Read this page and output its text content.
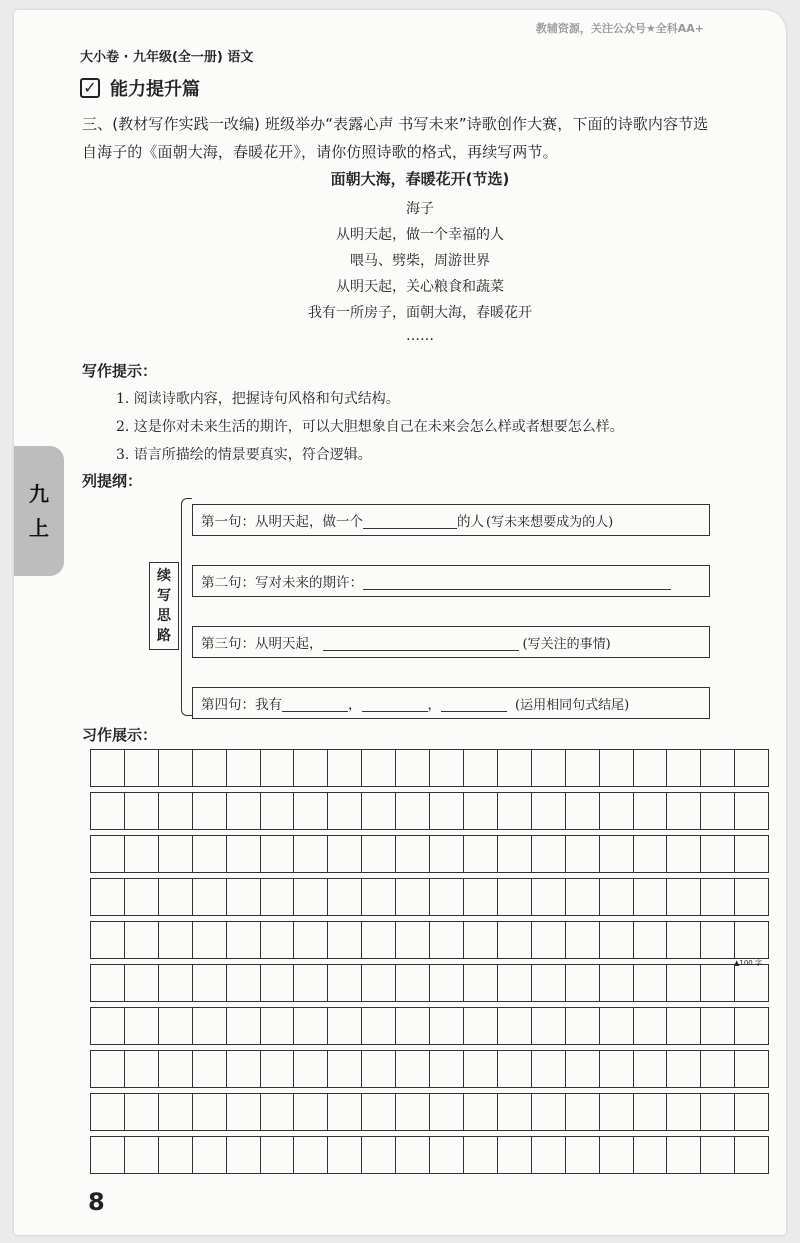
教辅资源，关注公众号★全科AA+
大小卷 · 九年级(全一册) 语文
✓ 能力提升篇
三、(教材写作实践一改编) 班级举办“表露心声 书写未来”诗歌创作大赛，下面的诗歌内容节选
自海子的《面朝大海，春暖花开》，请你仿照诗歌的格式，再续写两节。
面朝大海，春暖花开(节选)
海子
从明天起，做一个幸福的人
喂马、劈柴，周游世界
从明天起，关心粮食和蔬菜
我有一所房子，面朝大海，春暖花开
……
写作提示：
1. 阅读诗歌内容，把握诗句风格和句式结构。
2. 这是你对未来生活的期许，可以大胆想象自己在未来会怎么样或者想要怎么样。
3. 语言所描绘的情景要真实，符合逻辑。
九
上
列提纲：
续
写
思
路
第一句：从明天起，做一个	的人 (写未来想要成为的人)
第二句：写对未来的期许：
第三句：从明天起，	(写关注的事情)
第四句：我有	，	，	(运用相同句式结尾)
习作展示：
▲100 字
8
